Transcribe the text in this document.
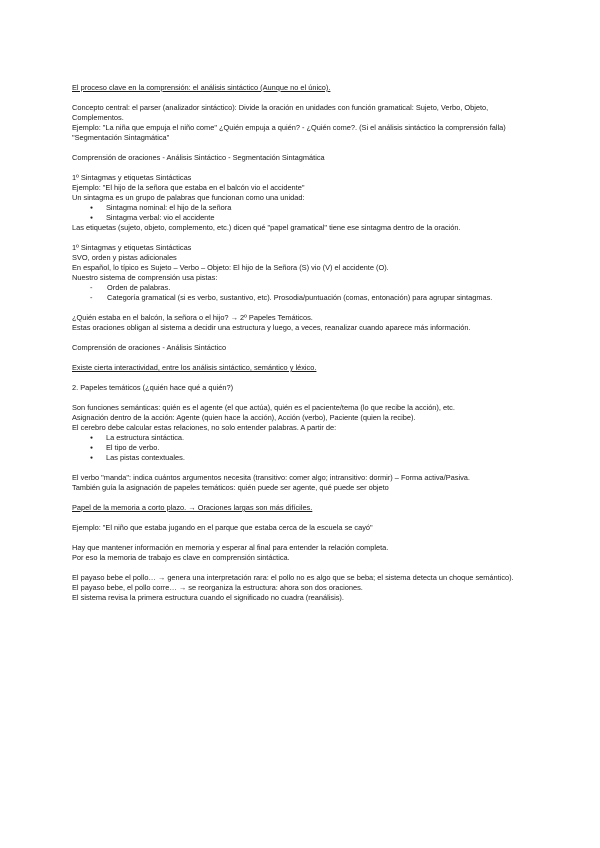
El proceso clave en la comprensión: el análisis sintáctico (Aunque no el único).
Concepto central: el parser (analizador sintáctico): Divide la oración en unidades con función gramatical: Sujeto, Verbo, Objeto, Complementos.
Ejemplo: "La niña que empuja el niño come" ¿Quién empuja a quién? - ¿Quién come?. (Si el análisis sintáctico la comprensión falla)
"Segmentación Sintagmática"
Comprensión de oraciones - Análisis Sintáctico - Segmentación Sintagmática
1º Sintagmas y etiquetas Sintácticas
Ejemplo: "El hijo de la señora que estaba en el balcón vio el accidente"
Un sintagma es un grupo de palabras que funcionan como una unidad:
● Sintagma nominal: el hijo de la señora
● Sintagma verbal: vio el accidente
Las etiquetas (sujeto, objeto, complemento, etc.) dicen qué "papel gramatical" tiene ese sintagma dentro de la oración.
1º Sintagmas y etiquetas Sintácticas
SVO, orden y pistas adicionales
En español, lo típico es Sujeto – Verbo – Objeto: El hijo de la Señora (S) vio (V) el accidente (O).
Nuestro sistema de comprensión usa pistas:
- Orden de palabras.
- Categoría gramatical (si es verbo, sustantivo, etc). Prosodia/puntuación (comas, entonación) para agrupar sintagmas.
¿Quién estaba en el balcón, la señora o el hijo? → 2º Papeles Temáticos.
Estas oraciones obligan al sistema a decidir una estructura y luego, a veces, reanalizar cuando aparece más información.
Comprensión de oraciones - Análisis Sintáctico
Existe cierta interactividad, entre los análisis sintáctico, semántico y léxico.
2. Papeles temáticos (¿quién hace qué a quién?)
Son funciones semánticas: quién es el agente (el que actúa), quién es el paciente/tema (lo que recibe la acción), etc.
Asignación dentro de la acción: Agente (quien hace la acción), Acción (verbo), Paciente (quien la recibe).
El cerebro debe calcular estas relaciones, no solo entender palabras. A partir de:
● La estructura sintáctica.
● El tipo de verbo.
● Las pistas contextuales.
El verbo "manda": indica cuántos argumentos necesita (transitivo: comer algo; intransitivo: dormir) – Forma activa/Pasiva.
También guía la asignación de papeles temáticos: quién puede ser agente, qué puede ser objeto
Papel de la memoria a corto plazo. → Oraciones largas son más difíciles.
Ejemplo: "El niño que estaba jugando en el parque que estaba cerca de la escuela se cayó"
Hay que mantener información en memoria y esperar al final para entender la relación completa.
Por eso la memoria de trabajo es clave en comprensión sintáctica.
El payaso bebe el pollo… → genera una interpretación rara: el pollo no es algo que se beba; el sistema detecta un choque semántico).
El payaso bebe, el pollo corre… → se reorganiza la estructura: ahora son dos oraciones.
El sistema revisa la primera estructura cuando el significado no cuadra (reanálisis).
